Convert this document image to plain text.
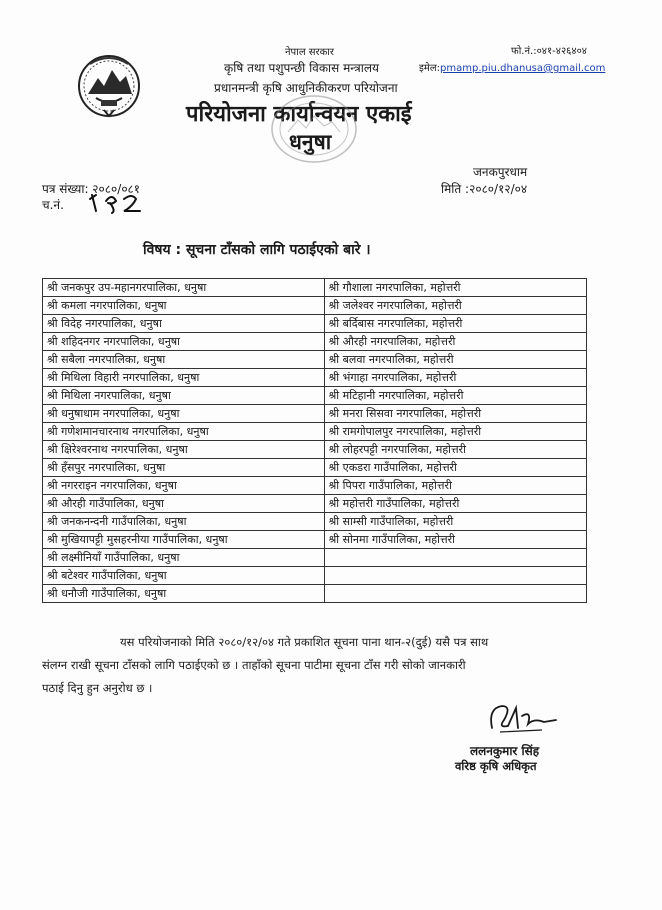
नेपाल सरकार
कृषि तथा पशुपन्छी विकास मन्त्रालय
प्रधानमन्त्री कृषि आधुनिकीकरण परियोजना
परियोजना कार्यान्वयन एकाई
धनुषा
फो.नं.:०४१-४२६४०४
इमेल:pmamp.piu.dhanusa@gmail.com
जनकपुरधाम
पत्र संख्या: २०८०/०८१	मिति :२०८०/१२/०४
च.नं.
विषय : सूचना टाँसको लागि पठाईएको बारे ।
श्री जनकपुर उप-महानगरपालिका, धनुषा	श्री गौशाला नगरपालिका, महोत्तरी
श्री कमला नगरपालिका, धनुषा	श्री जलेश्वर नगरपालिका, महोत्तरी
श्री विदेह नगरपालिका, धनुषा	श्री बर्दिबास नगरपालिका, महोत्तरी
श्री शहिदनगर नगरपालिका, धनुषा	श्री औरही नगरपालिका, महोत्तरी
श्री सबैला नगरपालिका, धनुषा	श्री बलवा नगरपालिका, महोत्तरी
श्री मिथिला विहारी नगरपालिका, धनुषा	श्री भंगाहा नगरपालिका, महोत्तरी
श्री मिथिला नगरपालिका, धनुषा	श्री मटिहानी नगरपालिका, महोत्तरी
श्री धनुषाधाम नगरपालिका, धनुषा	श्री मनरा सिसवा नगरपालिका, महोत्तरी
श्री गणेशमानचारनाथ नगरपालिका, धनुषा	श्री रामगोपालपुर नगरपालिका, महोत्तरी
श्री क्षिरेश्वरनाथ नगरपालिका, धनुषा	श्री लोहरपट्टी नगरपालिका, महोत्तरी
श्री हँसपुर नगरपालिका, धनुषा	श्री एकडरा गाउँपालिका, महोत्तरी
श्री नगरराइन नगरपालिका, धनुषा	श्री पिपरा गाउँपालिका, महोत्तरी
श्री औरही गाउँपालिका, धनुषा	श्री महोत्तरी गाउँपालिका, महोत्तरी
श्री जनकनन्दनी गाउँपालिका, धनुषा	श्री साम्सी गाउँपालिका, महोत्तरी
श्री मुखियापट्टी मुसहरनीया गाउँपालिका, धनुषा	श्री सोनमा गाउँपालिका, महोत्तरी
श्री लक्ष्मीनियाँ गाउँपालिका, धनुषा	
श्री बटेश्वर गाउँपालिका, धनुषा	
श्री धनौजी गाउँपालिका, धनुषा	

यस परियोजनाको मिति २०८०/१२/०४ गते प्रकाशित सूचना पाना थान-२(दुई) यसै पत्र साथ

संलग्न राखी सूचना टाँसको लागि पठाईएको छ । ताहाँको सूचना पाटीमा सूचना टाँस गरी सोको जानकारी

पठाई दिनु हुन अनुरोध छ ।

ललनकुमार सिंह
वरिष्ठ कृषि अधिकृत
